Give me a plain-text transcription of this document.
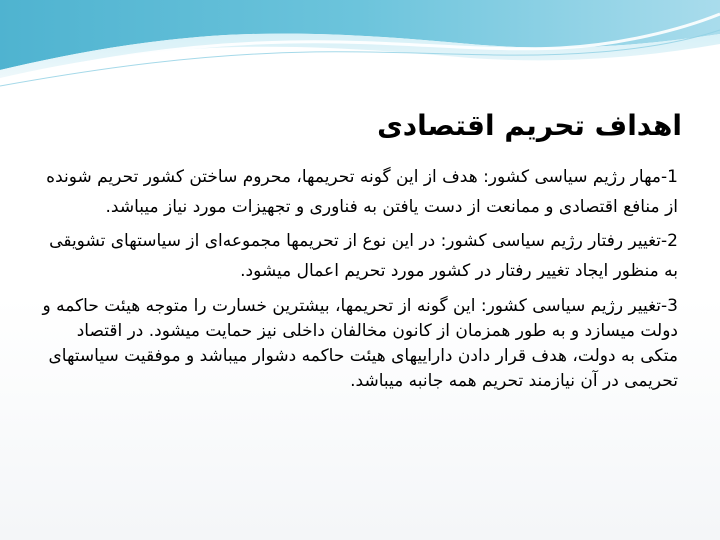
اهداف تحریم اقتصادی

1-مهار رژیم سیاسی کشور: هدف از این گونه تحریمها، محروم ساختن کشور تحریم شونده از منافع اقتصادی و ممانعت از دست یافتن به فناوری و تجهیزات مورد نیاز میباشد.

2-تغییر رفتار رژیم سیاسی کشور: در این نوع از تحریمها مجموعه‌ای از سیاستهای تشویقی به منظور ایجاد تغییر رفتار در کشور مورد تحریم اعمال میشود.

3-تغییر رژیم سیاسی کشور: این گونه از تحریمها، بیشترین خسارت را متوجه هیئت حاکمه و دولت میسازد و به طور همزمان از کانون مخالفان داخلی نیز حمایت میشود. در اقتصاد متکی به دولت، هدف قرار دادن داراییهای هیئت حاکمه دشوار میباشد و موفقیت سیاستهای تحریمی در آن نیازمند تحریم همه جانبه میباشد.
